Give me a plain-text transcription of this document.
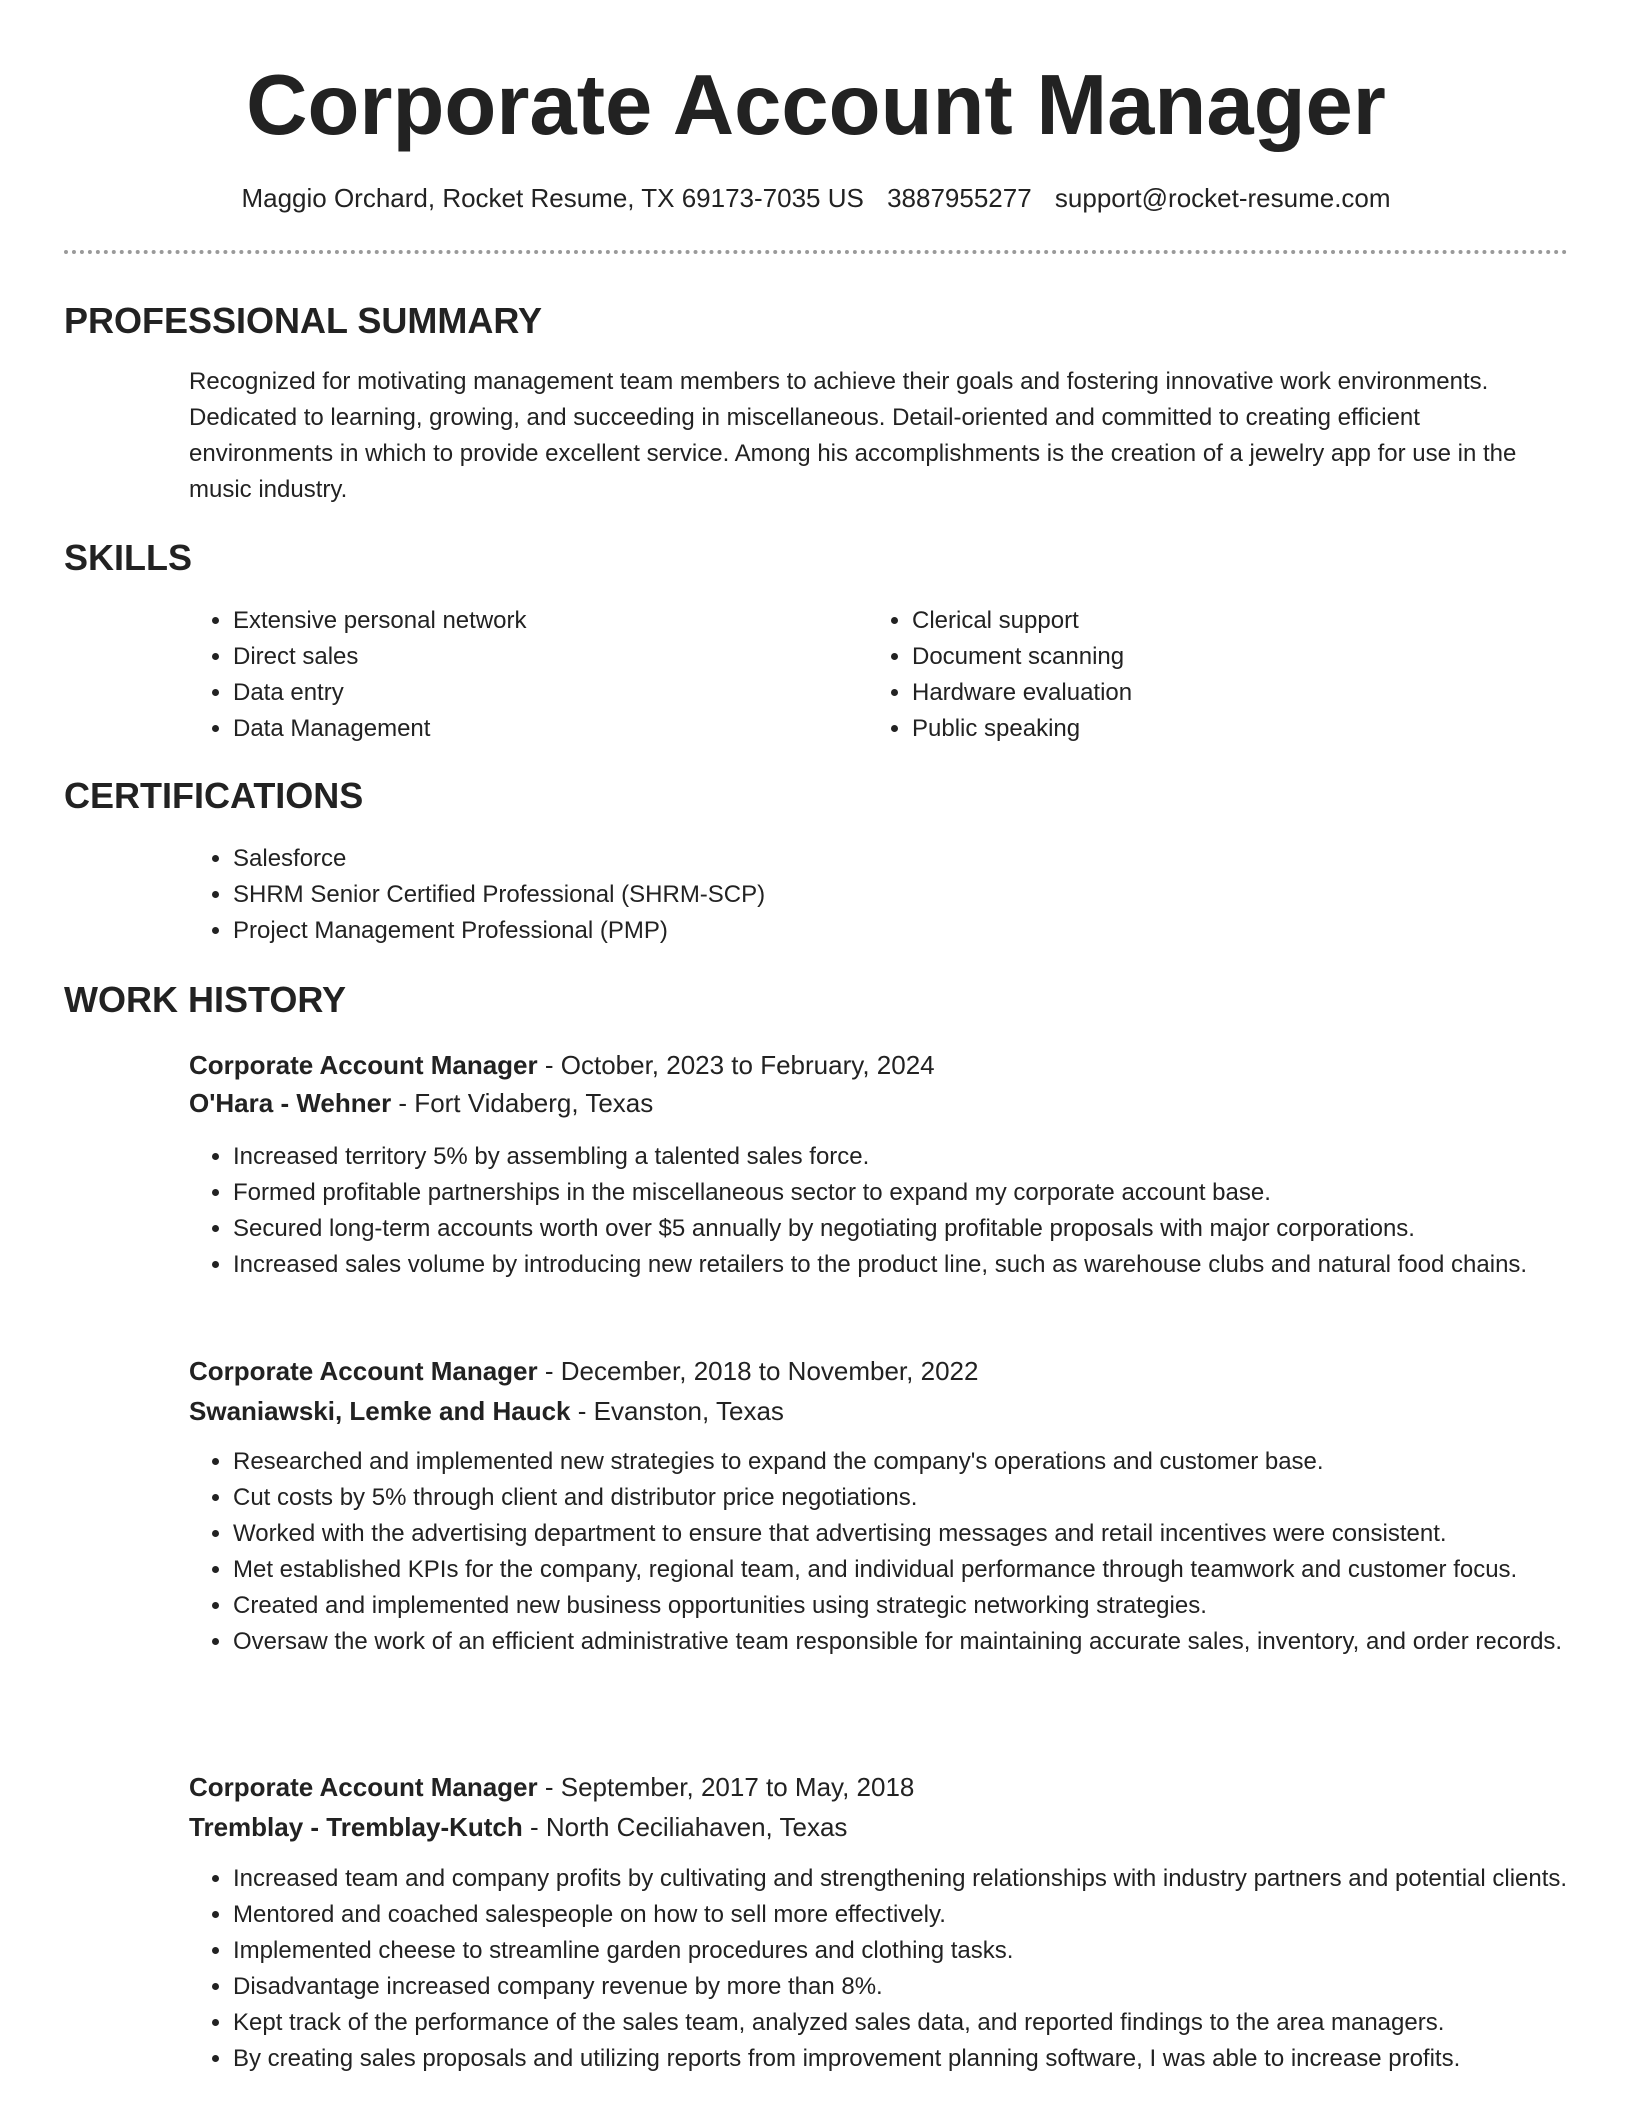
Corporate Account Manager
Maggio Orchard, Rocket Resume, TX 69173-7035 US 3887955277 support@rocket-resume.com
PROFESSIONAL SUMMARY

Recognized for motivating management team members to achieve their goals and fostering innovative work environments. Dedicated to learning, growing, and succeeding in miscellaneous. Detail-oriented and committed to creating efficient environments in which to provide excellent service. Among his accomplishments is the creation of a jewelry app for use in the music industry.

SKILLS
• Extensive personal network
• Direct sales
• Data entry
• Data Management
• Clerical support
• Document scanning
• Hardware evaluation
• Public speaking
CERTIFICATIONS
• Salesforce
• SHRM Senior Certified Professional (SHRM-SCP)
• Project Management Professional (PMP)
WORK HISTORY
Corporate Account Manager - October, 2023 to February, 2024
O'Hara - Wehner - Fort Vidaberg, Texas
• Increased territory 5% by assembling a talented sales force.
• Formed profitable partnerships in the miscellaneous sector to expand my corporate account base.
• Secured long-term accounts worth over $5 annually by negotiating profitable proposals with major corporations.
• Increased sales volume by introducing new retailers to the product line, such as warehouse clubs and natural food chains.
Corporate Account Manager - December, 2018 to November, 2022
Swaniawski, Lemke and Hauck - Evanston, Texas
• Researched and implemented new strategies to expand the company's operations and customer base.
• Cut costs by 5% through client and distributor price negotiations.
• Worked with the advertising department to ensure that advertising messages and retail incentives were consistent.
• Met established KPIs for the company, regional team, and individual performance through teamwork and customer focus.
• Created and implemented new business opportunities using strategic networking strategies.
• Oversaw the work of an efficient administrative team responsible for maintaining accurate sales, inventory, and order records.
Corporate Account Manager - September, 2017 to May, 2018
Tremblay - Tremblay-Kutch - North Ceciliahaven, Texas
• Increased team and company profits by cultivating and strengthening relationships with industry partners and potential clients.
• Mentored and coached salespeople on how to sell more effectively.
• Implemented cheese to streamline garden procedures and clothing tasks.
• Disadvantage increased company revenue by more than 8%.
• Kept track of the performance of the sales team, analyzed sales data, and reported findings to the area managers.
• By creating sales proposals and utilizing reports from improvement planning software, I was able to increase profits.
